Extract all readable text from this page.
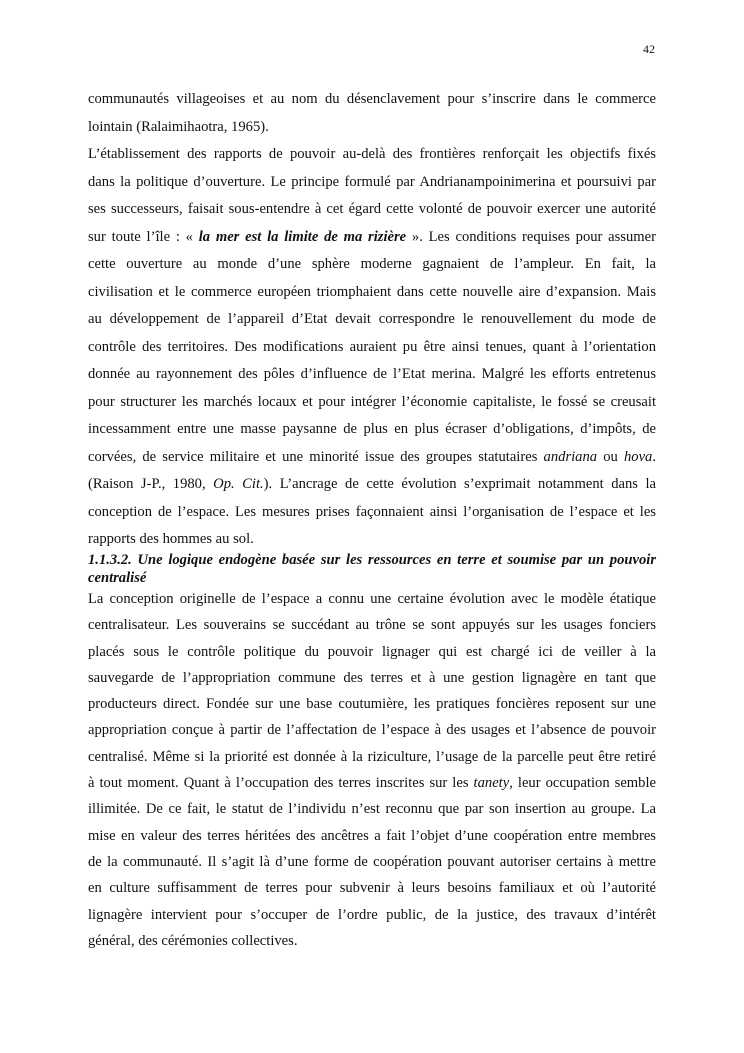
42
communautés villageoises et au nom du désenclavement pour s’inscrire dans le commerce
lointain (Ralaimihaotra, 1965).
L’établissement des rapports de pouvoir au-delà des frontières renforçait les objectifs fixés
dans la politique d’ouverture. Le principe formulé par Andrianampoinimerina et poursuivi par
ses successeurs, faisait sous-entendre à cet égard cette volonté de pouvoir exercer une autorité
sur toute l’île : « la mer est la limite de ma rizière ». Les conditions requises pour assumer
cette ouverture au monde d’une sphère moderne gagnaient de l’ampleur. En fait, la
civilisation et le commerce européen triomphaient dans cette nouvelle aire d’expansion. Mais
au développement de l’appareil d’Etat devait correspondre le renouvellement du mode de
contrôle des territoires. Des modifications auraient pu être ainsi tenues, quant à l’orientation
donnée au rayonnement des pôles d’influence de l’Etat merina. Malgré les efforts entretenus
pour structurer les marchés locaux et pour intégrer l’économie capitaliste, le fossé se creusait
incessamment entre une masse paysanne de plus en plus écraser d’obligations, d’impôts, de
corvées, de service militaire et une minorité issue des groupes statutaires andriana ou hova.
(Raison J-P., 1980, Op. Cit.). L’ancrage de cette évolution s’exprimait notamment dans la
conception de l’espace. Les mesures prises façonnaient ainsi l’organisation de l’espace et les
rapports des hommes au sol.
1.1.3.2. Une logique endogène basée sur les ressources en terre et soumise par un pouvoir
centralisé
La conception originelle de l’espace a connu une certaine évolution avec le modèle étatique
centralisateur. Les souverains se succédant au trône se sont appuyés sur les usages fonciers
placés sous le contrôle politique du pouvoir lignager qui est chargé ici de veiller à la
sauvegarde de l’appropriation commune des terres et à une gestion lignagère en tant que
producteurs direct. Fondée sur une base coutumière, les pratiques foncières reposent sur une
appropriation conçue à partir de l’affectation de l’espace à des usages et l’absence de pouvoir
centralisé. Même si la priorité est donnée à la riziculture, l’usage de la parcelle peut être retiré
à tout moment. Quant à l’occupation des terres inscrites sur les tanety, leur occupation semble
illimitée. De ce fait, le statut de l’individu n’est reconnu que par son insertion au groupe. La
mise en valeur des terres héritées des ancêtres a fait l’objet d’une coopération entre membres
de la communauté. Il s’agit là d’une forme de coopération pouvant autoriser certains à mettre
en culture suffisamment de terres pour subvenir à leurs besoins familiaux et où l’autorité
lignagère intervient pour s’occuper de l’ordre public, de la justice, des travaux d’intérêt
général, des cérémonies collectives.
